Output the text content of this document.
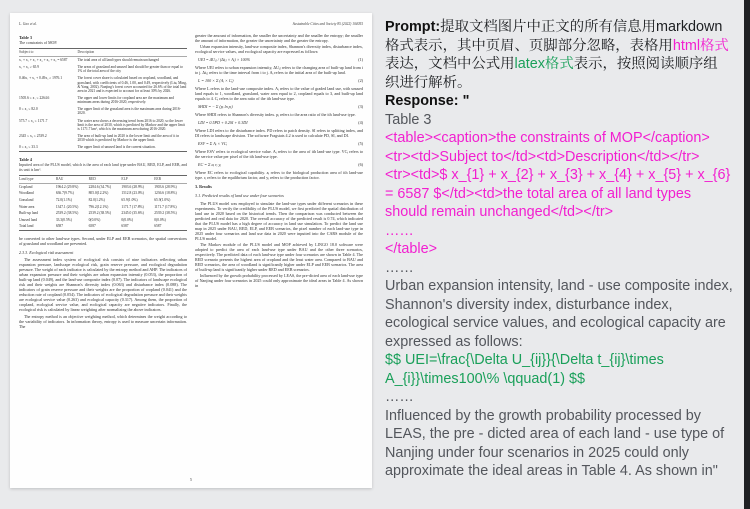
L. Gao et al.	Sustainable Cities and Society 85 (2022) 104055
Table 3
The constraints of MOP.
Subject to	Description
x₁ + x₂ + x₃ + x₄ + x₅ + x₆ = 6587	The total area of all land types should remain unchanged
x₃ + x₆ ≥ 65.9	The areas of grassland and unused land should be greater than or equal to 1% of the total area of the city
0.46x₁ + x₂ + 0.49x₃ ≥ 1976.1	The forest cover share is calculated based on cropland, woodland, and grassland, with coefficients of 0.46, 1.00, and 0.49, respectively (Liu, Ming, & Yang, 2002). Nanjing's forest cover accounted for 26.6% of the total land area in 2021 and is expected to account for at least 30% by 2026.
1505.6 ≤ x₁ ≤ 2264.6	The upper and lower limits for cropland area are the maximum and minimum areas during 2016-2020, respectively.
0 ≤ x₃ ≤ 82.0	The upper limit of the grassland area is the maximum area during 2016-2020.
575.7 ≤ x₄ ≤ 1171.7	The water area shows a decreasing trend from 2016 to 2020, so the lower limit is the area of 2030, which is predicted by Markov and the upper limit is 1171.7 km², which is the maximum area during 2016-2020.
2345 ≤ x₅ ≤ 2539.2	The area of built-up land in 2020 is the lower limit and the area of it in 2030 which is predicted by Markov is the upper limit.
0 ≤ x₆ ≤ 33.3	The upper limit of unused land is the current situation.
Table 4
Inputted area of the PLUS model, which is the area of each land type under BAU, RED, ELP, and EEB, and its unit is km².
Land type	BAU	RED	ELP	EEB
Cropland	1964.2 (29.8%)	2284.6 (34.7%)	1903.6 (28.9%)	1903.6 (28.9%)
Woodland	636.7(9.7%)	805.0(12.2%)	1512.8 (23.0%)	1236.6 (18.8%)
Grassland	72.0(1.1%)	82.0(1.2%)	65.9(1.0%)	65.9(1.0%)
Water area	1347.1 (20.5%)	796.2(12.1%)	1171.7 (17.8%)	1171.7 (17.8%)
Built-up land	2539.2 (38.5%)	2539.2 (38.5%)	2345.0 (35.6%)	2539.2 (38.5%)
Unused land	33.3(0.5%)	0(0.0%)	0(0.0%)	0(0.0%)
Total land	6587	6587	6587	6587
be converted to other land-use types. Second, under ELP and EEB scenarios, the spatial conversions of grassland and woodland are prevented.
2.3.3. Ecological risk assessment
The assessment index system of ecological risk consists of nine indicators reflecting urban expansion pressure, landscape ecological risk, grain reserve pressure, and ecological degradation pressure. The weight of each indicator is calculated by the entropy method and AHP. The indicators of urban expansion pressure and their weights are urban expansion intensity (0.053), the proportion of built-up land (0.049), and the land-use composite index (0.07). The indicators of landscape ecological risk and their weights are Shannon's diversity index (0.063) and disturbance index (0.088). The indicators of grain reserve pressure and their weights are the proportion of cropland (0.041) and the reduction rate of cropland (0.054). The indicators of ecological degradation pressure and their weights are ecological service value (0.263) and ecological capacity (0.317). Among them, the proportion of cropland, ecological service value, and ecological capacity are negative indicators. Finally, the ecological risk is calculated by linear weighting after normalizing the above indicators.
The entropy method is an objective weighting method, which determines the weight according to the variability of indicators. In information theory, entropy is used to measure uncertain information. The
greater the amount of information, the smaller the uncertainty and the smaller the entropy; the smaller the amount of information, the greater the uncertainty and the greater the entropy.
Urban expansion intensity, land-use composite index, Shannon's diversity index, disturbance index, ecological service values, and ecological capacity are expressed as follows:
UEI = ΔUᵢⱼ / (Δtᵢⱼ × Aᵢ) × 100%	(1)
Where UEI refers to urban expansion intensity, ΔUᵢⱼ refers to the changing area of built-up land from i to j. Δtᵢⱼ refers to the time interval from i to j. Aᵢ refers to the initial area of the built-up land.
L = 100 × Σ (Aᵢ × Cᵢ)	(2)
Where L refers to the land-use composite index. Aᵢ refers to the value of graded land use, with unused land equals to 1, woodland, grassland, water area equal to 2, cropland equals to 3, and built-up land equals to 4. Cᵢ refers to the area ratio of the ith land-use type.
SHDI = − Σ (pᵢ ln pᵢ)	(3)
Where SHDI refers to Shannon's diversity index. pᵢ refers to the area ratio of the ith land-use type.
LDI = 0.5PD + 0.2SI + 0.3DI	(4)
Where LDI refers to the disturbance index. PD refers to patch density. SI refers to splitting index, and DI refers to landscape division. The software Fragstats 4.2 is used to calculate PD, SI, and DI.
ESV = Σ Aᵢ × VCᵢ	(5)
Where ESV refers to ecological service value. Aᵢ refers to the area of ith land-use type. VCᵢ refers to the service value per pixel of the ith land-use type.
EC = Σ aᵢ rᵢ yᵢ	(6)
Where EC refers to ecological capability. aᵢ refers to the biological production area of ith land-use type. rᵢ refers to the equilibrium factor, and yᵢ refers to the production factor.
3. Results
3.1. Predicted results of land use under four scenarios
The PLUS model was employed to simulate the land-use types under different scenarios in these experiments. To verify the credibility of the PLUS model, we first predicted the spatial distribution of land use in 2020 based on the historical trends. Then the comparison was conducted between the predicted and real data for 2020. The overall accuracy of the predicted result is 0.74, which indicated that the PLUS model has a high degree of accuracy in land use simulation. To predict the land use map in 2025 under BAU, RED, ELP, and EEB scenarios, the pixel number of each land-use type in 2025 under four scenarios and land use data in 2020 were inputted into the CARS module of the PLUS model.
The Markov module of the PLUS model and MOP achieved by LINGO 18.0 software were adopted to predict the area of each land-use type under BAU and the other three scenarios, respectively. The predicted data of each land-use type under four scenarios are shown in Table 4. The RED scenario presents the highest area of cropland and the least water area. Compared to BAU and RED scenarios, the area of woodland is significantly higher under ELP and EEB scenarios. The area of built-up land is significantly higher under RED and EEB scenarios.
Influenced by the growth probability processed by LEAS, the pre-dicted area of each land-use type of Nanjing under four scenarios in 2025 could only approximate the ideal areas in Table 4. As shown in
5
Prompt:提取文档图片中正文的所有信息用markdown
格式表示，其中页眉、页脚部分忽略，表格用html格式
表达，文档中公式用latex格式表示，按照阅读顺序组
织进行解析。
Response: "
Table 3
<table><caption>the constraints of MOP</caption>
<tr><td>Subject to</td><td>Description</td></tr>
<tr><td>$ x_{1} + x_{2} + x_{3} + x_{4} + x_{5} + x_{6}
= 6587 $</td><td>the total area of all land types
should remain unchanged</td></tr>
……
</table>
……
Urban expansion intensity, land - use composite index,
Shannon's diversity index, disturbance index,
ecological service values, and ecological capacity are
expressed as follows:
$$ UEI=\frac{\Delta U_{ij}}{\Delta t_{ij}\times
A_{i}}\times100\% \qquad(1) $$
……
Influenced by the growth probability processed by
LEAS, the pre - dicted area of each land - use type of
Nanjing under four scenarios in 2025 could only
approximate the ideal areas in Table 4. As shown in"
